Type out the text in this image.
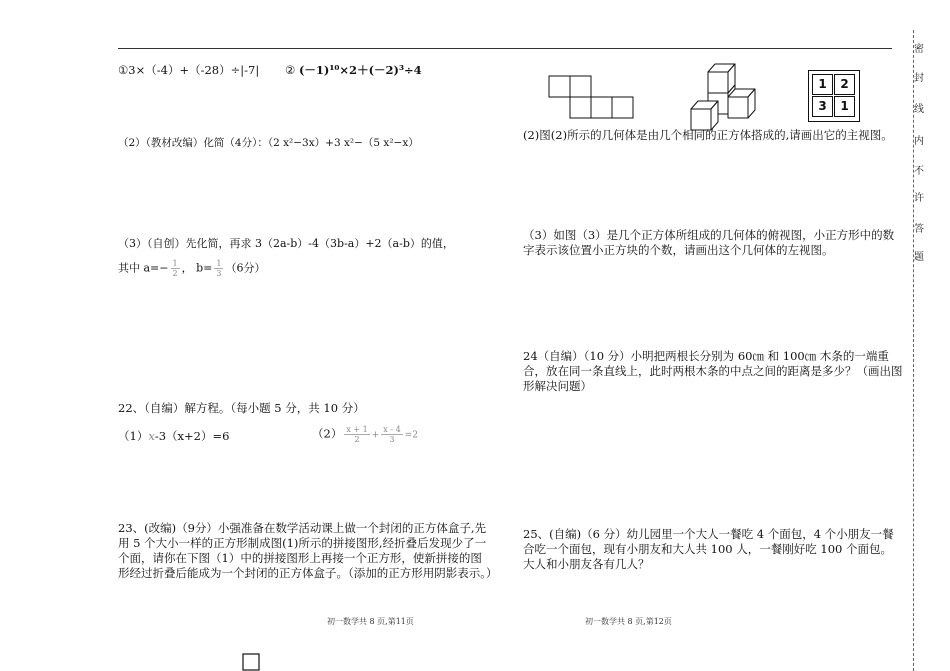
①3×（-4）+（-28）÷|-7| ② (－1)¹⁰×2＋(－2)³÷4
（2）（教材改编）化简（4分）：（2 x²−3x）+3 x²−（5 x²−x）
（3）（自创）先化简，再求 3（2a-b）-4（3b-a）+2（a-b）的值，
其中 $a=- \frac{1}{2}$ ， $b= \frac{1}{3} (6$分）
22、（自编）解方程。（每小题 5 分，共 10 分）
（1）x-3（x+2）=6	$(2) \frac{x + 1}{2} + \frac{x - 4}{3} =2$
23、(改编)（9分）小强准备在数学活动课上做一个封闭的正方体盒子,先用 5 个大小一样的正方形制成图(1)所示的拼接图形,经折叠后发现少了一个面，请你在下图（1）中的拼接图形上再接一个正方形，使新拼接的图形经过折叠后能成为一个封闭的正方体盒子。（添加的正方形用阴影表示。）
初一数学共 8 页,第11页
1	2
3	1
(2)图(2)所示的几何体是由几个相同的正方体搭成的,请画出它的主视图。
（3）如图（3）是几个正方体所组成的几何体的俯视图，小正方形中的数字表示该位置小正方块的个数，请画出这个几何体的左视图。
24（自编）（10 分）小明把两根长分别为 60㎝ 和 100㎝ 木条的一端重合，放在同一条直线上，此时两根木条的中点之间的距离是多少？（画出图形解决问题）
25、(自编)（6 分）幼儿园里一个大人一餐吃 4 个面包，4 个小朋友一餐合吃一个面包，现有小朋友和大人共 100 人，一餐刚好吃 100 个面包。大人和小朋友各有几人？
初一数学共 8 页,第12页
密
封
线
内
不
许
答
题
